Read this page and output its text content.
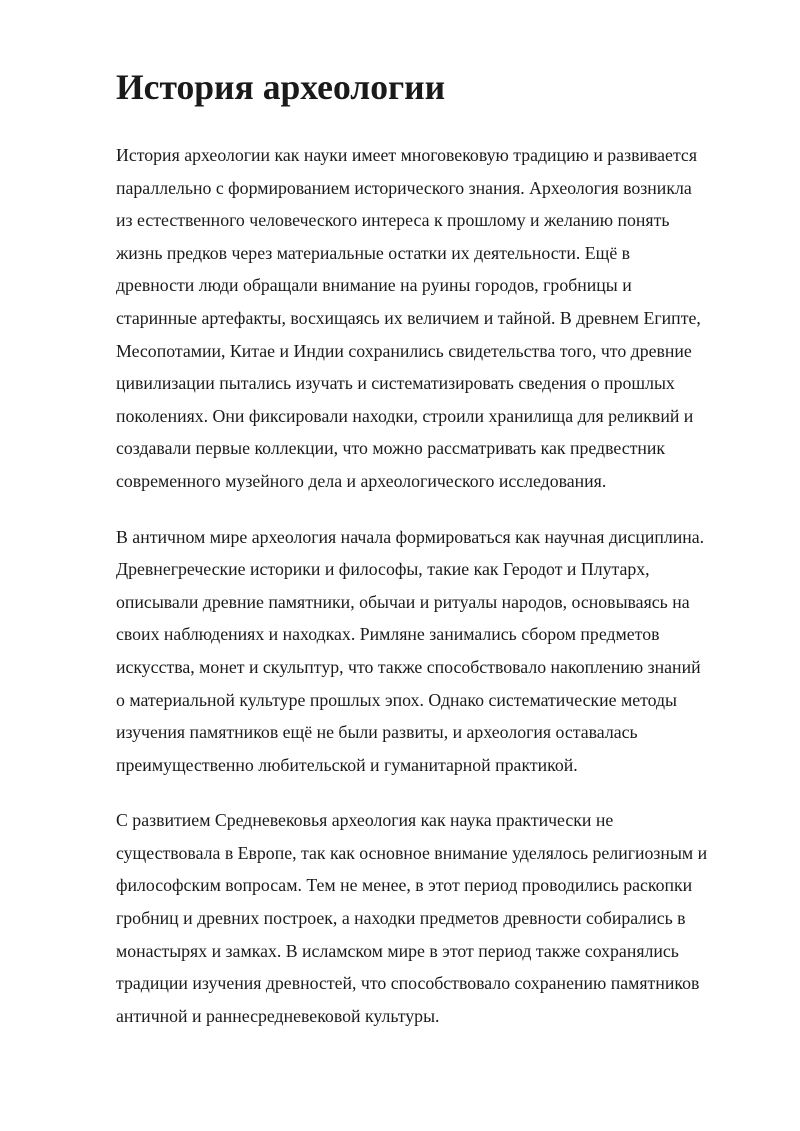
История археологии

История археологии как науки имеет многовековую традицию и развивается
параллельно с формированием исторического знания. Археология возникла
из естественного человеческого интереса к прошлому и желанию понять
жизнь предков через материальные остатки их деятельности. Ещё в
древности люди обращали внимание на руины городов, гробницы и
старинные артефакты, восхищаясь их величием и тайной. В древнем Египте,
Месопотамии, Китае и Индии сохранились свидетельства того, что древние
цивилизации пытались изучать и систематизировать сведения о прошлых
поколениях. Они фиксировали находки, строили хранилища для реликвий и
создавали первые коллекции, что можно рассматривать как предвестник
современного музейного дела и археологического исследования.

В античном мире археология начала формироваться как научная дисциплина.
Древнегреческие историки и философы, такие как Геродот и Плутарх,
описывали древние памятники, обычаи и ритуалы народов, основываясь на
своих наблюдениях и находках. Римляне занимались сбором предметов
искусства, монет и скульптур, что также способствовало накоплению знаний
о материальной культуре прошлых эпох. Однако систематические методы
изучения памятников ещё не были развиты, и археология оставалась
преимущественно любительской и гуманитарной практикой.

С развитием Средневековья археология как наука практически не
существовала в Европе, так как основное внимание уделялось религиозным и
философским вопросам. Тем не менее, в этот период проводились раскопки
гробниц и древних построек, а находки предметов древности собирались в
монастырях и замках. В исламском мире в этот период также сохранялись
традиции изучения древностей, что способствовало сохранению памятников
античной и раннесредневековой культуры.
